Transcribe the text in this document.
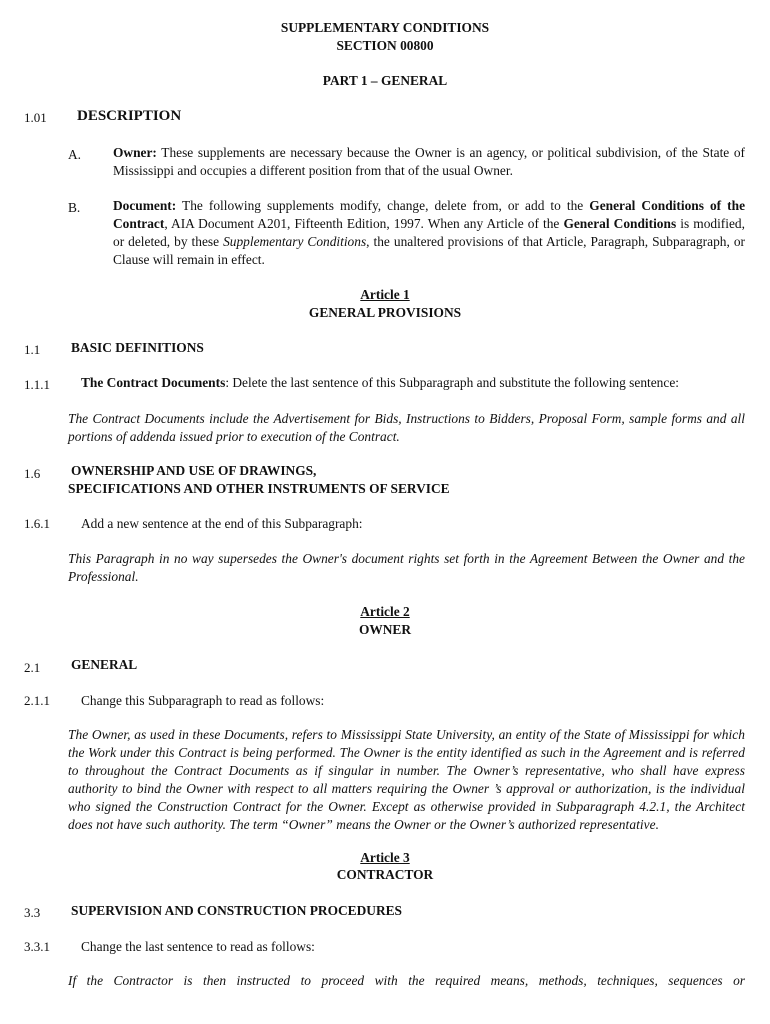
SUPPLEMENTARY CONDITIONS
SECTION 00800
PART 1 – GENERAL
1.01 DESCRIPTION
A. Owner: These supplements are necessary because the Owner is an agency, or political subdivision, of the State of Mississippi and occupies a different position from that of the usual Owner.
B. Document: The following supplements modify, change, delete from, or add to the General Conditions of the Contract, AIA Document A201, Fifteenth Edition, 1997. When any Article of the General Conditions is modified, or deleted, by these Supplementary Conditions, the unaltered provisions of that Article, Paragraph, Subparagraph, or Clause will remain in effect.
Article 1
GENERAL PROVISIONS
1.1 BASIC DEFINITIONS
1.1.1 The Contract Documents: Delete the last sentence of this Subparagraph and substitute the following sentence:
The Contract Documents include the Advertisement for Bids, Instructions to Bidders, Proposal Form, sample forms and all portions of addenda issued prior to execution of the Contract.
1.6 OWNERSHIP AND USE OF DRAWINGS,
SPECIFICATIONS AND OTHER INSTRUMENTS OF SERVICE
1.6.1 Add a new sentence at the end of this Subparagraph:
This Paragraph in no way supersedes the Owner's document rights set forth in the Agreement Between the Owner and the Professional.
Article 2
OWNER
2.1 GENERAL
2.1.1 Change this Subparagraph to read as follows:
The Owner, as used in these Documents, refers to Mississippi State University, an entity of the State of Mississippi for which the Work under this Contract is being performed. The Owner is the entity identified as such in the Agreement and is referred to throughout the Contract Documents as if singular in number. The Owner’s representative, who shall have express authority to bind the Owner with respect to all matters requiring the Owner ’s approval or authorization, is the individual who signed the Construction Contract for the Owner. Except as otherwise provided in Subparagraph 4.2.1, the Architect does not have such authority. The term “Owner” means the Owner or the Owner’s authorized representative.
Article 3
CONTRACTOR
3.3 SUPERVISION AND CONSTRUCTION PROCEDURES
3.3.1 Change the last sentence to read as follows:
If the Contractor is then instructed to proceed with the required means, methods, techniques, sequences or
